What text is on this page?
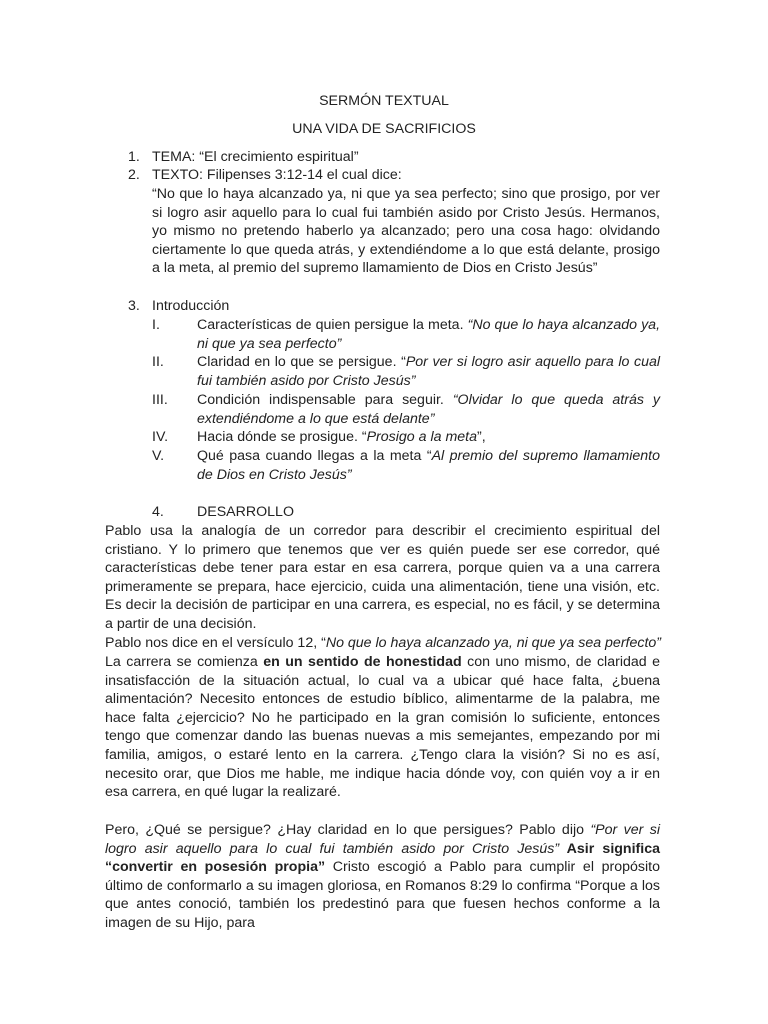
SERMÓN TEXTUAL
UNA VIDA DE SACRIFICIOS
1. TEMA: “El crecimiento espiritual”
2. TEXTO: Filipenses 3:12-14 el cual dice:
“No que lo haya alcanzado ya, ni que ya sea perfecto; sino que prosigo, por ver si logro asir aquello para lo cual fui también asido por Cristo Jesús. Hermanos, yo mismo no pretendo haberlo ya alcanzado; pero una cosa hago: olvidando ciertamente lo que queda atrás, y extendiéndome a lo que está delante, prosigo a la meta, al premio del supremo llamamiento de Dios en Cristo Jesús”
3. Introducción
I.	Características de quien persigue la meta. “No que lo haya alcanzado ya, ni que ya sea perfecto”
II. Claridad en lo que se persigue. “Por ver si logro asir aquello para lo cual fui también asido por Cristo Jesús”
III. Condición indispensable para seguir. “Olvidar lo que queda atrás y extendiéndome a lo que está delante”
IV. Hacia dónde se prosigue. “Prosigo a la meta”,
V. Qué pasa cuando llegas a la meta “Al premio del supremo llamamiento de Dios en Cristo Jesús”
4. DESARROLLO
Pablo usa la analogía de un corredor para describir el crecimiento espiritual del cristiano. Y lo primero que tenemos que ver es quién puede ser ese corredor, qué características debe tener para estar en esa carrera, porque quien va a una carrera primeramente se prepara, hace ejercicio, cuida una alimentación, tiene una visión, etc. Es decir la decisión de participar en una carrera, es especial, no es fácil, y se determina a partir de una decisión.
Pablo nos dice en el versículo 12, “No que lo haya alcanzado ya, ni que ya sea perfecto”
La carrera se comienza en un sentido de honestidad con uno mismo, de claridad e insatisfacción de la situación actual, lo cual va a ubicar qué hace falta, ¿buena alimentación? Necesito entonces de estudio bíblico, alimentarme de la palabra, me hace falta ¿ejercicio? No he participado en la gran comisión lo suficiente, entonces tengo que comenzar dando las buenas nuevas a mis semejantes, empezando por mi familia, amigos, o estaré lento en la carrera. ¿Tengo clara la visión? Si no es así, necesito orar, que Dios me hable, me indique hacia dónde voy, con quién voy a ir en esa carrera, en qué lugar la realizaré.
Pero, ¿Qué se persigue? ¿Hay claridad en lo que persigues? Pablo dijo “Por ver si logro asir aquello para lo cual fui también asido por Cristo Jesús” Asir significa “convertir en posesión propia” Cristo escogió a Pablo para cumplir el propósito último de conformarlo a su imagen gloriosa, en Romanos 8:29 lo confirma “Porque a los que antes conoció, también los predestinó para que fuesen hechos conforme a la imagen de su Hijo, para
